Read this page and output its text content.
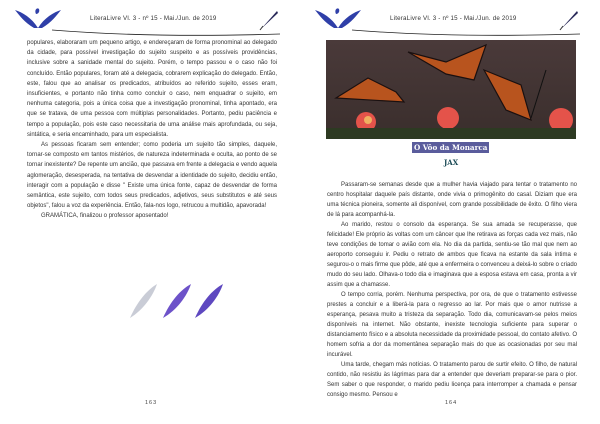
LiteraLivre Vl. 3 - nº 15 - Mai./Jun. de 2019

populares, elaboraram um pequeno artigo, e endereçaram de forma pronominal ao delegado da cidade, para possível investigação do sujeito suspeito e as possíveis providências, inclusive sobre a sanidade mental do sujeito. Porém, o tempo passou e o caso não foi concluído. Então populares, foram até a delegacia, cobrarem explicação do delegado. Então, este, falou que ao analisar os predicados, atribuídos ao referido sujeito, esses eram, insuficientes, e portanto não tinha como concluir o caso, nem enquadrar o sujeito, em nenhuma categoria, pois a única coisa que a investigação pronominal, tinha apontado, era que se tratava, de uma pessoa com múltiplas personalidades. Portanto, pediu paciência e tempo a população, pois este caso necessitaria de uma análise mais aprofundada, ou seja, sintática, e seria encaminhado, para um especialista.

As pessoas ficaram sem entender; como poderia um sujeito tão simples, daquele, tornar-se composto em tantos mistérios, de natureza indeterminada e oculta, ao ponto de se tornar inexistente? De repente um ancião, que passava em frente a delegacia e vendo aquela aglomeração, desesperada, na tentativa de desvendar a identidade do sujeito, decidiu então, interagir com a população e disse " Existe uma única fonte, capaz de desvendar de forma semântica, este sujeito, com todos seus predicados, adjetivos, seus substitutos e até seus objetos", falou a voz da experiência. Então, fala-nos logo, retrucou a multidão, apavorada!

GRAMÁTICA, finalizou o professor aposentado!

163
LiteraLivre Vl. 3 - nº 15 - Mai./Jun. de 2019
O Vôo da Monarca
JAX

Passaram-se semanas desde que a mulher havia viajado para tentar o tratamento no centro hospitalar daquele país distante, onde vivia o primogênito do casal. Diziam que era uma técnica pioneira, somente ali disponível, com grande possibilidade de êxito. O filho viera de lá para acompanhá-la.

Ao marido, restou o consolo da esperança. Se sua amada se recuperasse, que felicidade! Ele próprio às voltas com um câncer que lhe retirava as forças cada vez mais, não teve condições de tomar o avião com ela. No dia da partida, sentiu-se tão mal que nem ao aeroporto conseguiu ir. Pediu o retrato de ambos que ficava na estante da sala íntima e segurou-o o mais firme que pôde, até que a enfermeira o convenceu a deixá-lo sobre o criado mudo do seu lado. Olhava-o todo dia e imaginava que a esposa estava em casa, pronta a vir assim que a chamasse.

O tempo corria, porém. Nenhuma perspectiva, por ora, de que o tratamento estivesse prestes a concluir e a liberá-la para o regresso ao lar. Por mais que o amor nutrisse a esperança, pesava muito a tristeza da separação. Todo dia, comunicavam-se pelos meios disponíveis na internet. Não obstante, inexiste tecnologia suficiente para superar o distanciamento físico e a absoluta necessidade da proximidade pessoal, do contato afetivo. O homem sofria a dor da momentânea separação mais do que as ocasionadas por seu mal incurável.

Uma tarde, chegam más notícias. O tratamento parou de surtir efeito. O filho, de natural contido, não resistiu às lágrimas para dar a entender que deveriam preparar-se para o pior. Sem saber o que responder, o marido pediu licença para interromper a chamada e pensar consigo mesmo. Pensou e

164
